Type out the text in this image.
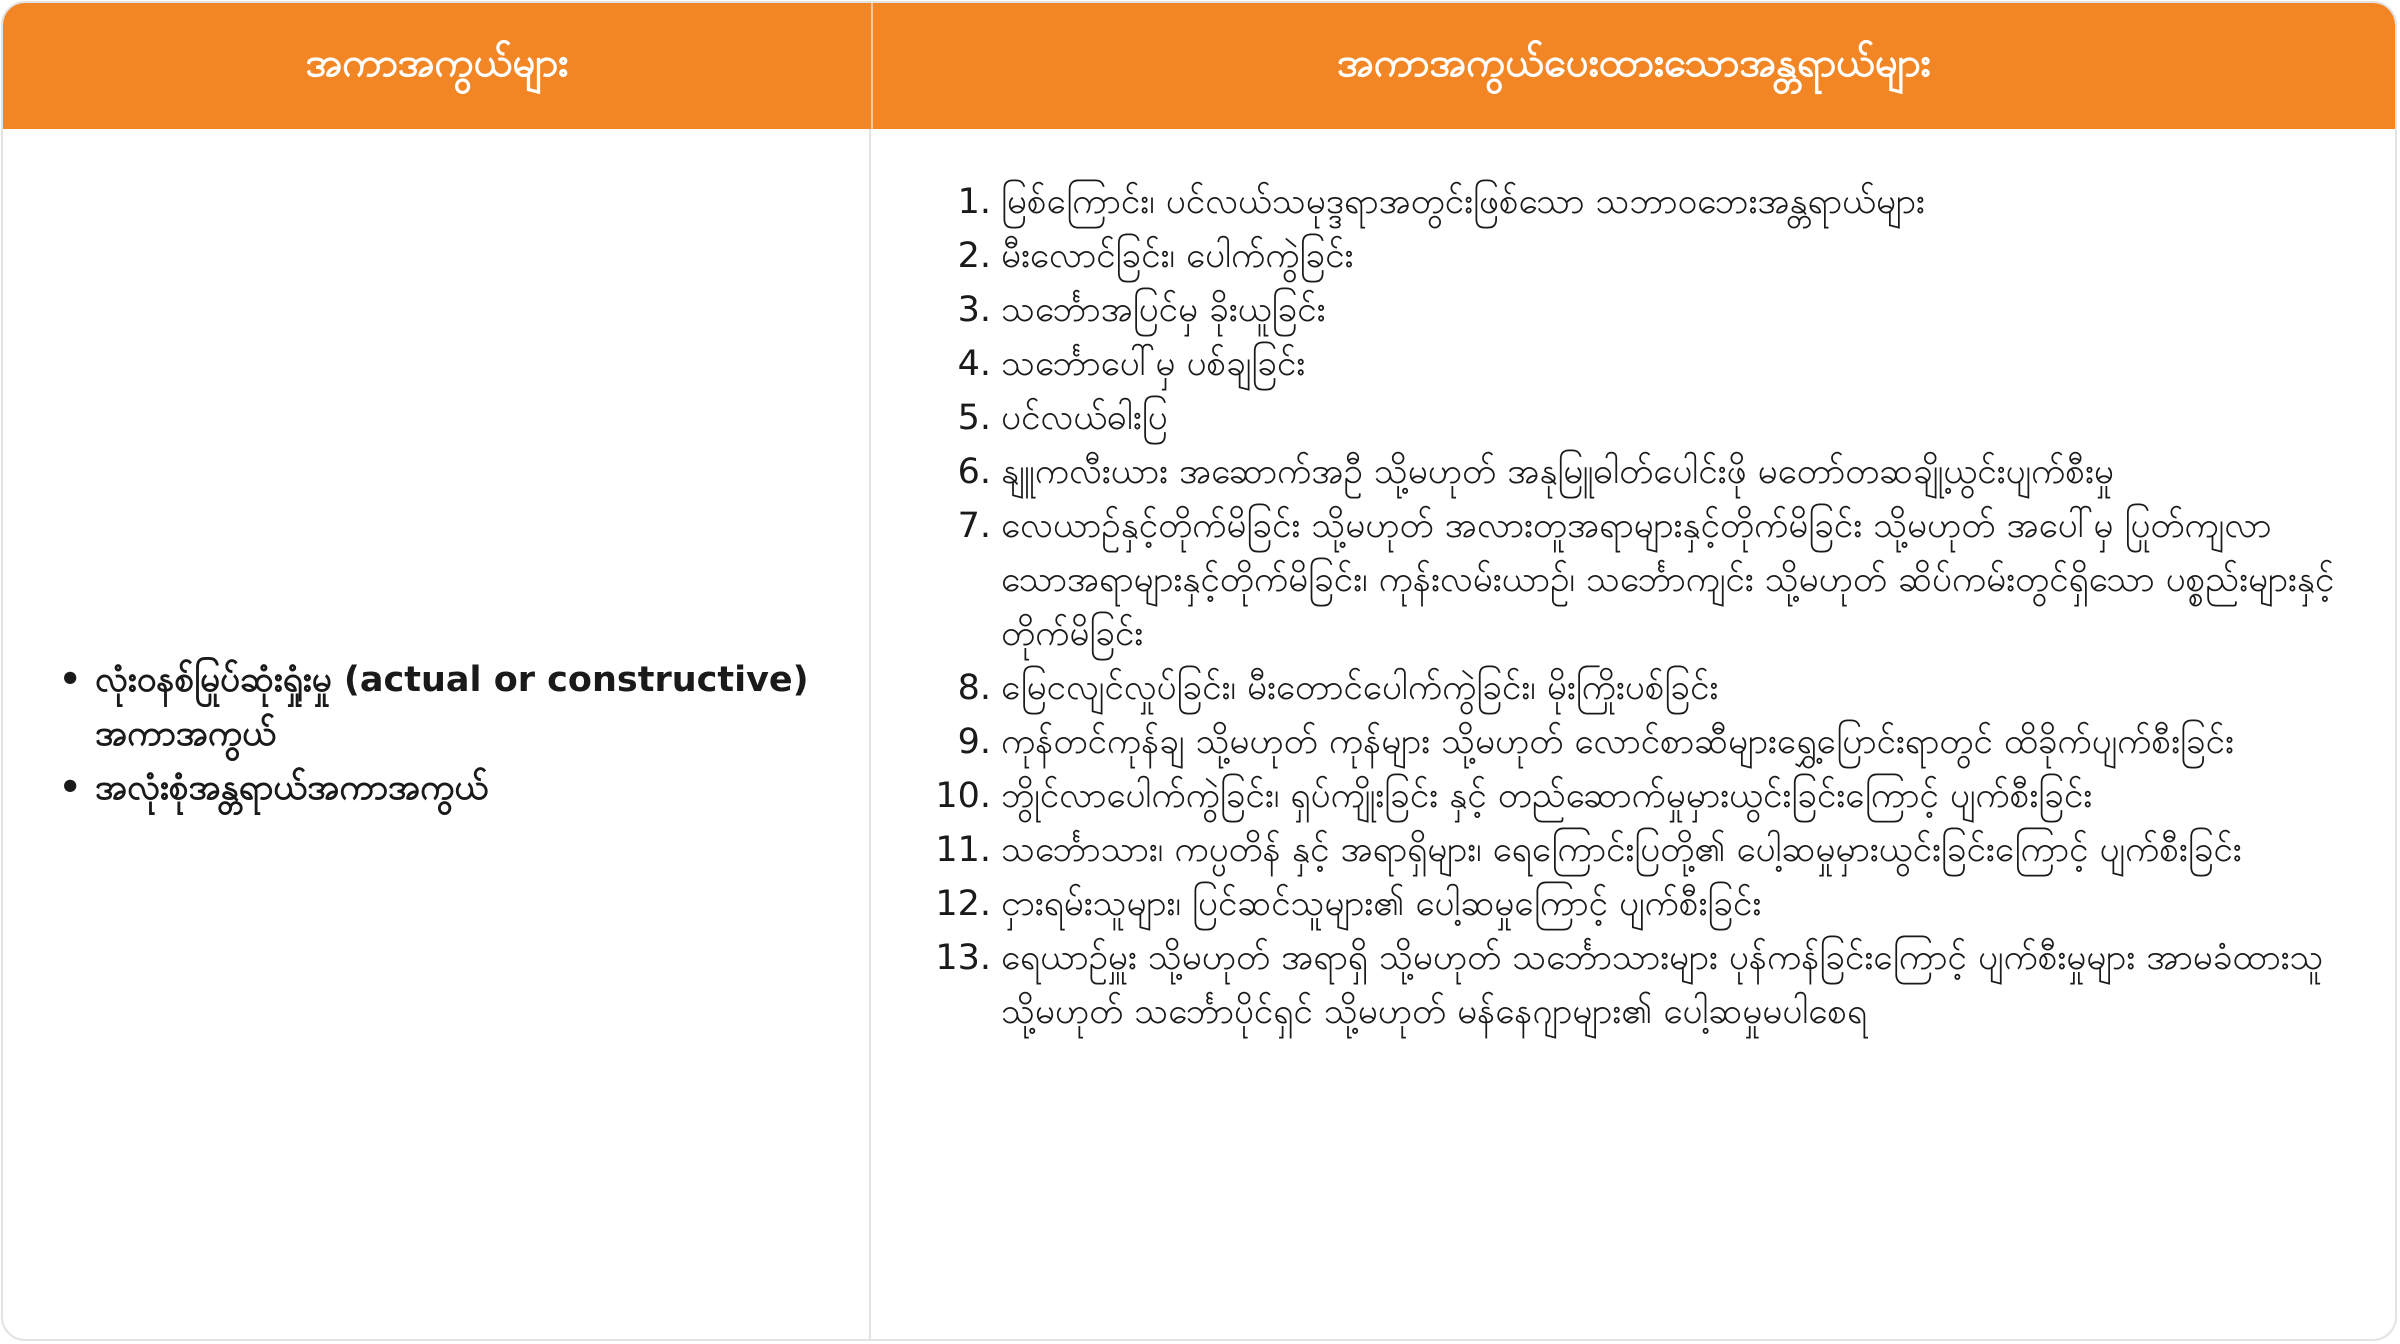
အကာအကွယ်များ	အကာအကွယ်ပေးထားသောအန္တရာယ်များ
• လုံးဝနစ်မြုပ်ဆုံးရှုံးမှု (actual or constructive) အကာအကွယ်
• အလုံးစုံအန္တရာယ်အကာအကွယ်
1. မြစ်ကြောင်း၊ ပင်လယ်သမုဒ္ဒရာအတွင်းဖြစ်သော သဘာဝဘေးအန္တရာယ်များ
2. မီးလောင်ခြင်း၊ ပေါက်ကွဲခြင်း
3. သင်္ဘောအပြင်မှ ခိုးယူခြင်း
4. သင်္ဘောပေါ်မှ ပစ်ချခြင်း
5. ပင်လယ်ဓါးပြ
6. နျူကလီးယား အဆောက်အဦ သို့မဟုတ် အနုမြူဓါတ်ပေါင်းဖို မတော်တဆချို့ယွင်းပျက်စီးမှု
7. လေယာဉ်နှင့်တိုက်မိခြင်း သို့မဟုတ် အလားတူအရာများနှင့်တိုက်မိခြင်း သို့မဟုတ် အပေါ်မှ ပြုတ်ကျလာသောအရာများနှင့်တိုက်မိခြင်း၊ ကုန်းလမ်းယာဉ်၊ သင်္ဘောကျင်း သို့မဟုတ် ဆိပ်ကမ်းတွင်ရှိသော ပစ္စည်းများနှင့် တိုက်မိခြင်း
8. မြေငလျင်လှုပ်ခြင်း၊ မီးတောင်ပေါက်ကွဲခြင်း၊ မိုးကြိုးပစ်ခြင်း
9. ကုန်တင်ကုန်ချ သို့မဟုတ် ကုန်များ သို့မဟုတ် လောင်စာဆီများရွှေ့ပြောင်းရာတွင် ထိခိုက်ပျက်စီးခြင်း
10. ဘွိုင်လာပေါက်ကွဲခြင်း၊ ရှပ်ကျိုးခြင်း နှင့် တည်ဆောက်မှုမှားယွင်းခြင်းကြောင့် ပျက်စီးခြင်း
11. သင်္ဘောသား၊ ကပ္ပတိန် နှင့် အရာရှိများ၊ ရေကြောင်းပြတို့၏ ပေါ့ဆမှုမှားယွင်းခြင်းကြောင့် ပျက်စီးခြင်း
12. ငှားရမ်းသူများ၊ ပြင်ဆင်သူများ၏ ပေါ့ဆမှုကြောင့် ပျက်စီးခြင်း
13. ရေယာဉ်မှူး သို့မဟုတ် အရာရှိ သို့မဟုတ် သင်္ဘောသားများ ပုန်ကန်ခြင်းကြောင့် ပျက်စီးမှုများ အာမခံထားသူ သို့မဟုတ် သင်္ဘောပိုင်ရှင် သို့မဟုတ် မန်နေဂျာများ၏ ပေါ့ဆမှုမပါစေရ
